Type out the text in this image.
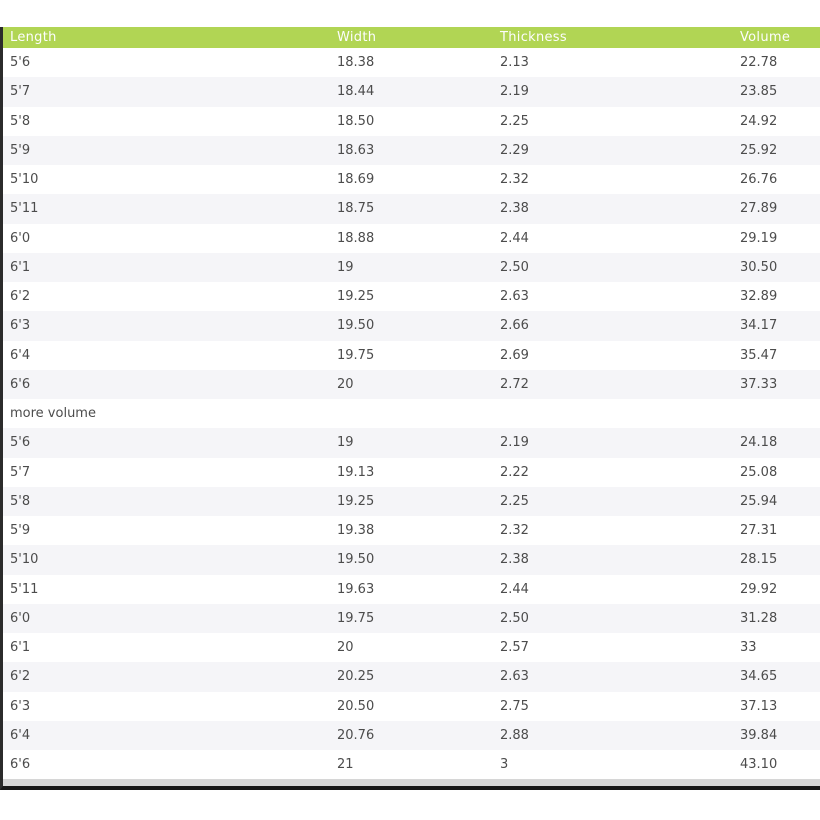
Length	Width	Thickness	Volume
5'6	18.38	2.13	22.78
5'7	18.44	2.19	23.85
5'8	18.50	2.25	24.92
5'9	18.63	2.29	25.92
5'10	18.69	2.32	26.76
5'11	18.75	2.38	27.89
6'0	18.88	2.44	29.19
6'1	19	2.50	30.50
6'2	19.25	2.63	32.89
6'3	19.50	2.66	34.17
6'4	19.75	2.69	35.47
6'6	20	2.72	37.33
more volume			
5'6	19	2.19	24.18
5'7	19.13	2.22	25.08
5'8	19.25	2.25	25.94
5'9	19.38	2.32	27.31
5'10	19.50	2.38	28.15
5'11	19.63	2.44	29.92
6'0	19.75	2.50	31.28
6'1	20	2.57	33
6'2	20.25	2.63	34.65
6'3	20.50	2.75	37.13
6'4	20.76	2.88	39.84
6'6	21	3	43.10
